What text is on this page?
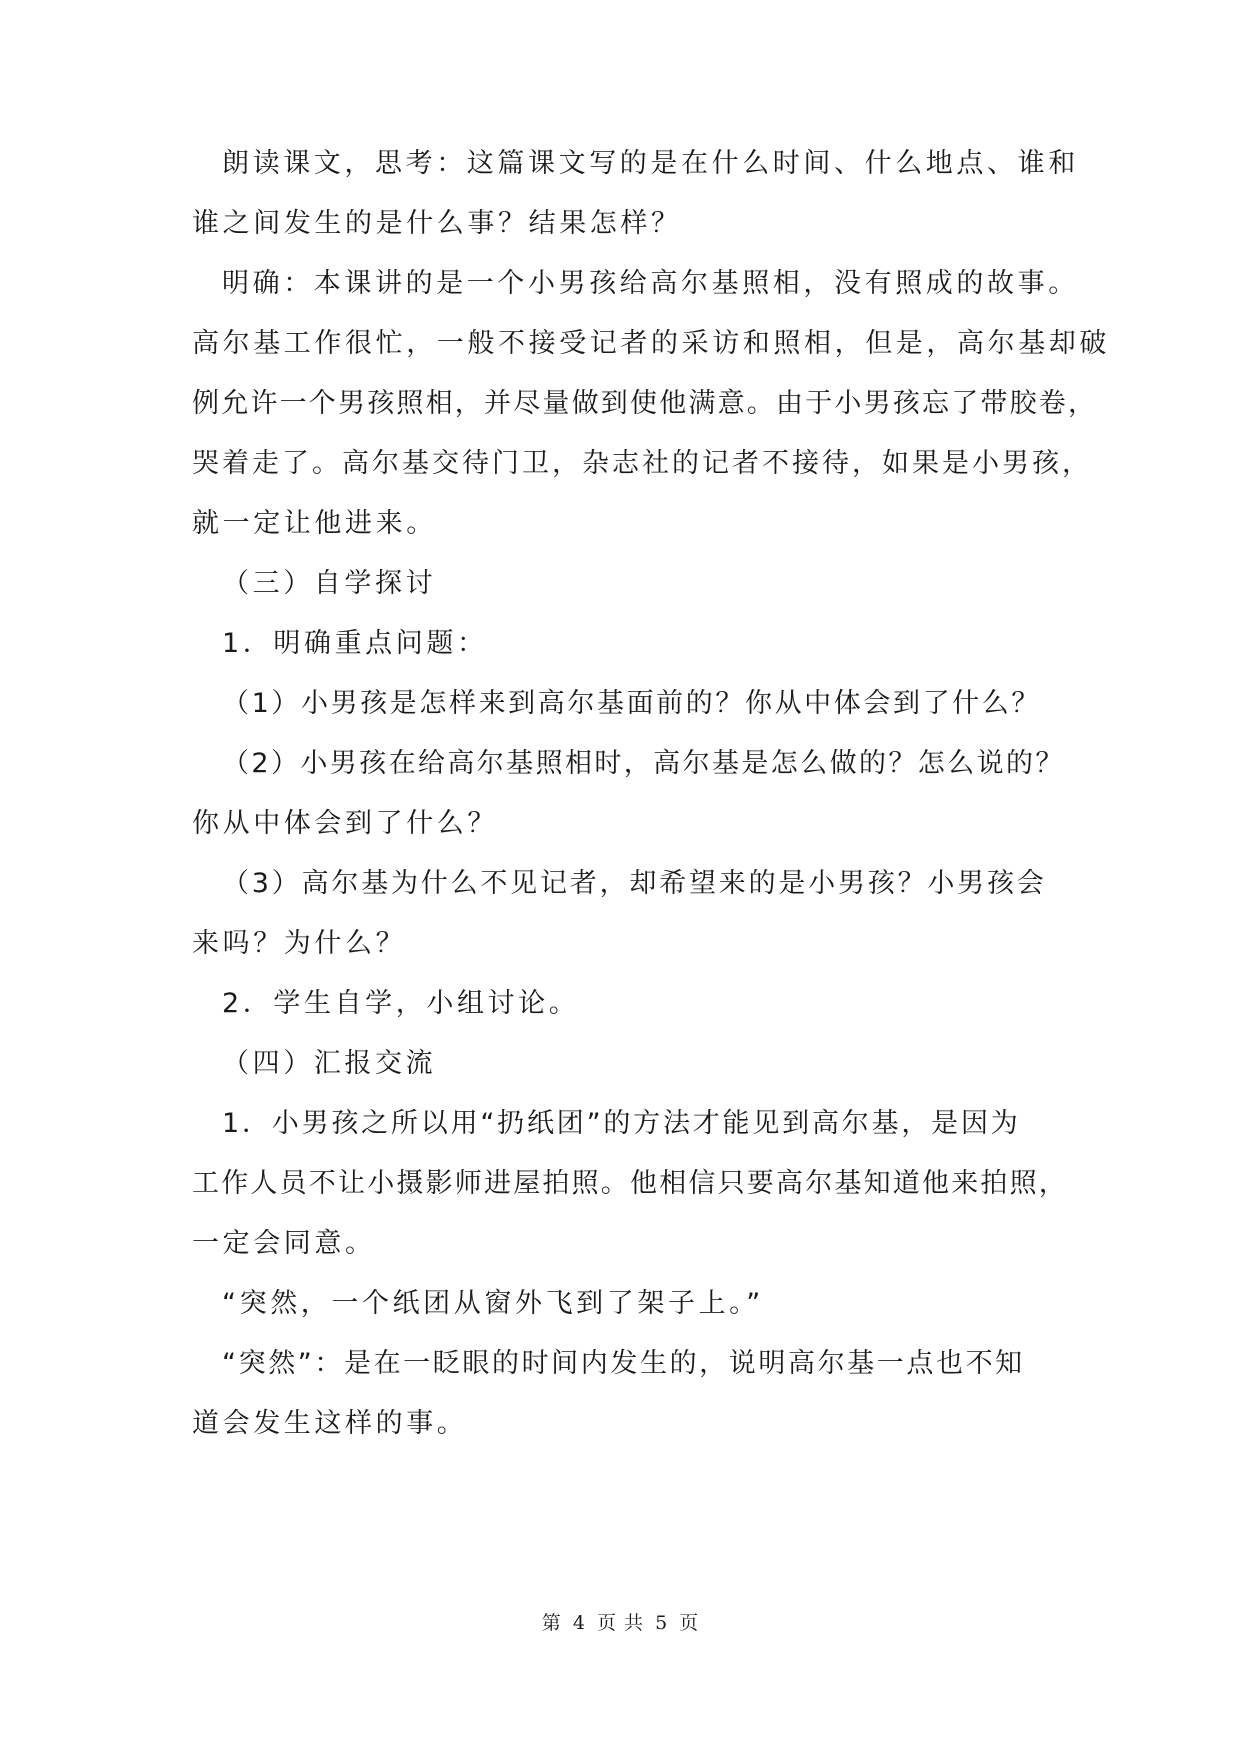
朗读课文，思考：这篇课文写的是在什么时间、什么地点、谁和
谁之间发生的是什么事？结果怎样？
明确：本课讲的是一个小男孩给高尔基照相，没有照成的故事。
高尔基工作很忙，一般不接受记者的采访和照相，但是，高尔基却破
例允许一个男孩照相，并尽量做到使他满意。由于小男孩忘了带胶卷，
哭着走了。高尔基交待门卫，杂志社的记者不接待，如果是小男孩，
就一定让他进来。
（三）自学探讨
1．明确重点问题：
（1）小男孩是怎样来到高尔基面前的？你从中体会到了什么？
（2）小男孩在给高尔基照相时，高尔基是怎么做的？怎么说的？
你从中体会到了什么？
（3）高尔基为什么不见记者，却希望来的是小男孩？小男孩会
来吗？为什么？
2．学生自学，小组讨论。
（四）汇报交流
1．小男孩之所以用“扔纸团”的方法才能见到高尔基，是因为
工作人员不让小摄影师进屋拍照。他相信只要高尔基知道他来拍照，
一定会同意。
“突然，一个纸团从窗外飞到了架子上。”
“突然”：是在一眨眼的时间内发生的，说明高尔基一点也不知
道会发生这样的事。
第 4 页 共 5 页
